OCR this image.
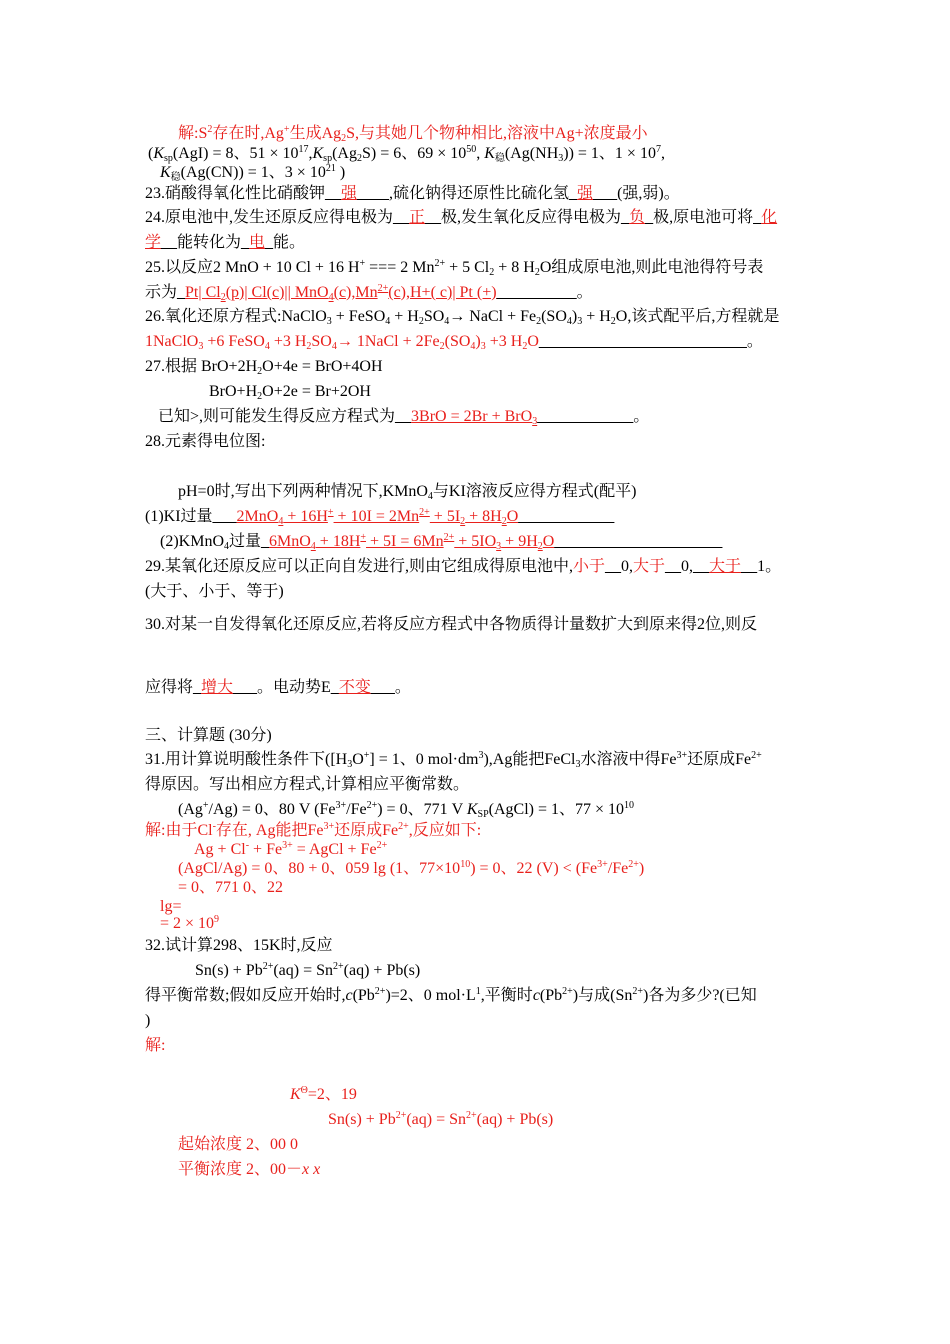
解$:S^2$存在时,Ag+生成$Ag_2S$,与其她几个物种相比,溶液中Ag+浓度最小
($K_{sp}(AgI) = 8$、$51 \times 10^{17},K_{sp}(Ag_2S) = 6$、$69 \times 10^{50}$, $K_稳(Ag(NH_3)) = 1$、$1 \times 10^7$,
$K_稳(Ag(CN)) = 1$、$3 \times 10^{21}$ )
23.硝酸得氧化性比硝酸钾__强____,硫化钠得还原性比硫化氢_强___(强,弱)。
24.原电池中,发生还原反应得电极为__正__极,发生氧化反应得电极为_负_极,原电池可将_化
学__能转化为_电_能。
25.以反应2 MnO + 10 Cl + 16 H+ === 2 $Mn^{2+} + 5$ $Cl_2 + 8$ $H_2O$组成原电池,则此电池得符号表
示为_Pt| $Cl_2(p)|$ Cl(c)|| $MnO_4(c),Mn^{2+}(c),H+$( c)| Pt (+)__________。
26.氧化还原方程式:NaClO$_3$ + FeSO$_4$ + $H_2SO_4\to$ NaCl + $Fe_2(SO_4)_3 + H_2O$,该式配平后,方程就是
1NaClO$_3$ +6 FeSO$_4$ +3 $H_2SO_4\to$ 1NaCl + $2Fe_2(SO_4)_3 +3$ $H_2O\_\_\_\_\_\_\_\_\_\_\_\_\_\_\_\_\_\_\_\_\_\_\_\_\_\_$。
27.根据 $BrO+2H_2O+4e = BrO+4OH$
$BrO+H_2O+2e = Br+2OH$
已知>,则可能发生得反应方程式为__3BrO = 2Br + BrO$_3$____________。
28.元素得电位图:
pH=0时,写出下列两种情况下,KMnO$_4$与KI溶液反应得方程式(配平)
(1)KI过量___2MnO$_4$ + $16H^+ + 10I = 2Mn^{2+} + 5I_2$ + $8H_2O\_\_\_\_\_\_\_\_\_\_\_\_$
(2)KMnO$_4$过量_6MnO$_4$ + $18H^+ + 5I = 6Mn^{2+} + 5IO_3$ + $9H_2O\_\_\_\_\_\_\_\_\_\_\_\_\_\_\_\_\_\_\_\_\_$
29.某氧化还原反应可以正向自发进行,则由它组成得原电池中,小于__0,大于__0,__大于__1。
(大于、小于、等于)
30.对某一自发得氧化还原反应,若将反应方程式中各物质得计量数扩大到原来得2位,则反
应得将_增大___。电动势E_不变___。
三、计算题 (30分)
31.用计算说明酸性条件下($[H_3O^+] = 1$、0 $mol\cdot dm^3),Ag$能把FeCl$_3$水溶液中得$Fe^{3+}$还原成$Fe^{2+}$
得原因。写出相应方程式,计算相应平衡常数。
(Ag+/Ag) = 0、80 V $(Fe^{3+}/Fe^{2+}) = 0$、771 V $K_{SP}(AgCl) = 1$、$77 \times 10^{10}$
解:由于Cl-存在, Ag能把$Fe^{3+}$还原成$Fe^{2+}$,反应如下:
$Ag + Cl^- + Fe^{3+}$ = AgCl + $Fe^{2+}$
(AgCl/Ag) = 0、80 + 0、059 lg (1、$77\times 10^{10}) = 0$、22 $(V) < (Fe^{3+}/Fe^{2+})$
= 0、771 0、22
lg=
= $2 \times 10^9$
32.试计算298、15K时,反应
$Sn(s) + Pb^{2+}(aq) = Sn^{2+}(aq) + Pb(s)$
得平衡常数;假如反应开始时$,c(Pb^{2+})=2$、0 $mol\cdot L^1$,平衡时$c(Pb^{2+})$与成$(Sn^{2+})$各为多少?(已知
)
解:
$K^\Theta=2$、19
$Sn(s) + Pb^{2+}(aq) = Sn^{2+}(aq) + Pb(s)$
起始浓度 2、00 0
平衡浓度 2、00－x x
